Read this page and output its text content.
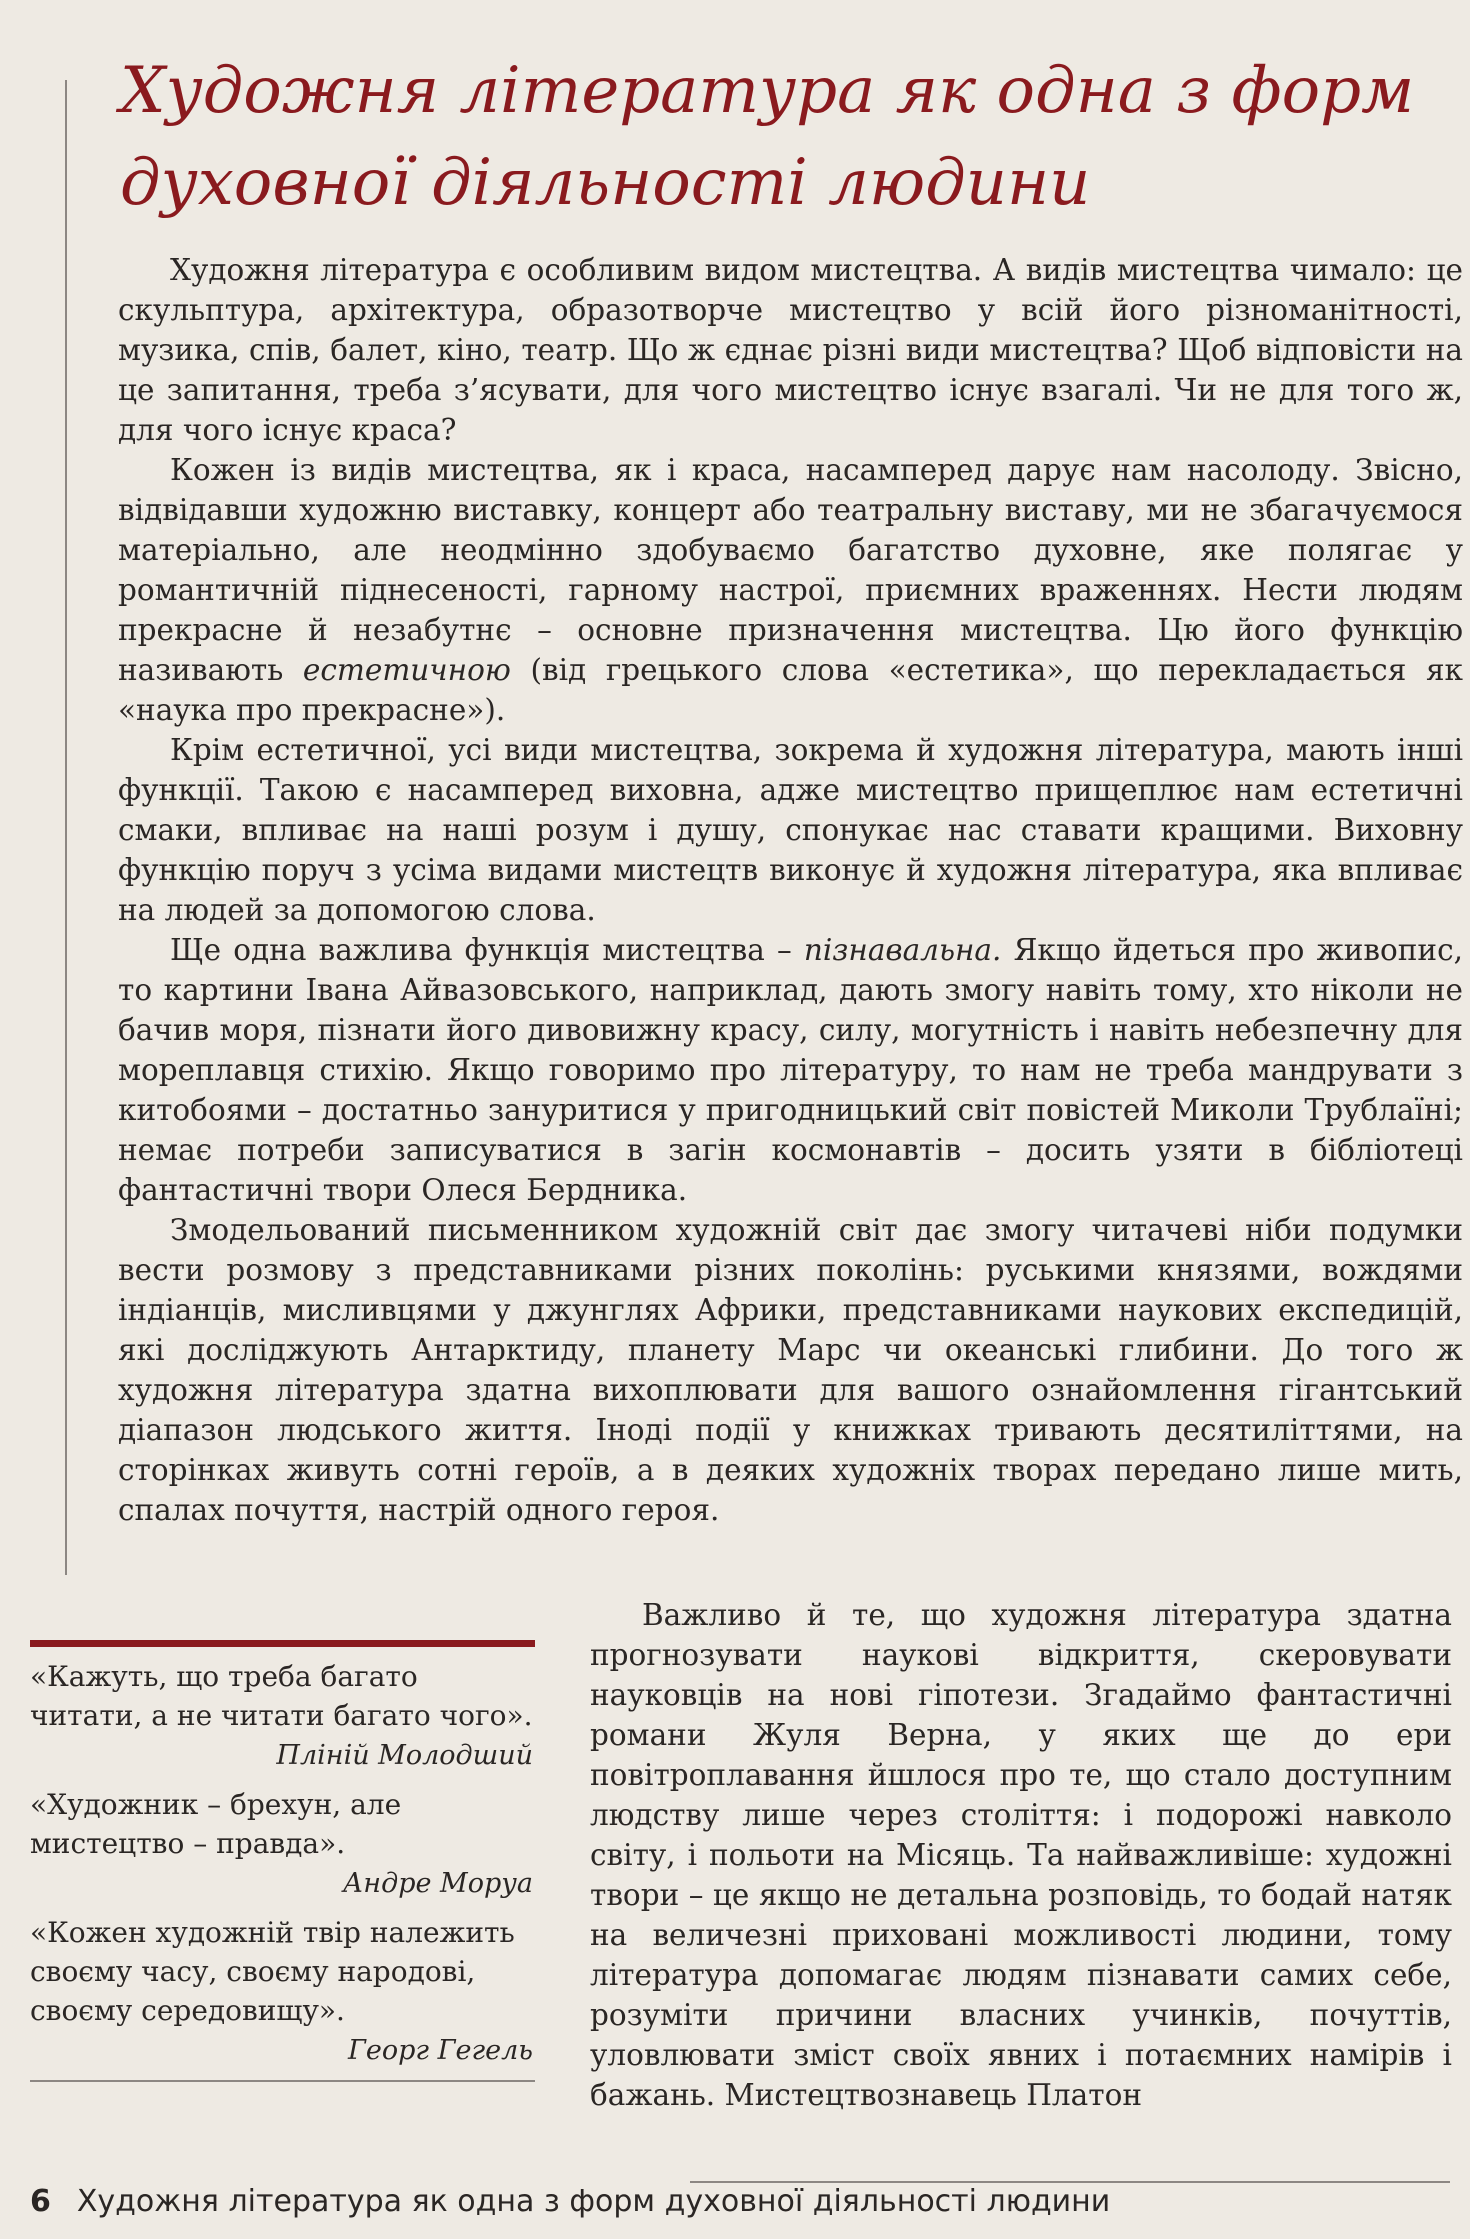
Художня література як одна з форм
духовної діяльності людини

Художня література є особливим видом мистецтва. А видів мистецтва чимало: це скульптура, архітектура, образотворче мистецтво у всій його різноманітності, музика, спів, балет, кіно, театр. Що ж єднає різні види мистецтва? Щоб відповісти на це запитання, треба з’ясувати, для чого мистецтво існує взагалі. Чи не для того ж, для чого існує краса?

Кожен із видів мистецтва, як і краса, насамперед дарує нам насолоду. Звісно, відвідавши художню виставку, концерт або театральну виставу, ми не збагачуємося матеріально, але неодмінно здобуваємо багатство духовне, яке полягає у романтичній піднесеності, гарному настрої, приємних враженнях. Нести людям прекрасне й незабутнє – основне призначення мистецтва. Цю його функцію називають естетичною (від грецького слова «естетика», що перекладається як «наука про прекрасне»).

Крім естетичної, усі види мистецтва, зокрема й художня література, мають інші функції. Такою є насамперед виховна, адже мистецтво прищеплює нам естетичні смаки, впливає на наші розум і душу, спонукає нас ставати кращими. Виховну функцію поруч з усіма видами мистецтв виконує й художня література, яка впливає на людей за допомогою слова.

Ще одна важлива функція мистецтва – пізнавальна. Якщо йдеться про живопис, то картини Івана Айвазовського, наприклад, дають змогу навіть тому, хто ніколи не бачив моря, пізнати його дивовижну красу, силу, могутність і навіть небезпечну для мореплавця стихію. Якщо говоримо про літературу, то нам не треба мандрувати з китобоями – достатньо зануритися у пригодницький світ повістей Миколи Трублаїні; немає потреби записуватися в загін космонавтів – досить узяти в бібліотеці фантастичні твори Олеся Бердника.

Змодельований письменником художній світ дає змогу читачеві ніби подумки вести розмову з представниками різних поколінь: руськими князями, вождями індіанців, мисливцями у джунглях Африки, представниками наукових експедицій, які досліджують Антарктиду, планету Марс чи океанські глибини. До того ж художня література здатна вихоплювати для вашого ознайомлення гігантський діапазон людського життя. Іноді події у книжках тривають десятиліттями, на сторінках живуть сотні героїв, а в деяких художніх творах передано лише мить, спалах почуття, настрій одного героя.

«Кажуть, що треба багато читати, а не читати багато чого».

Пліній Молодший

«Художник – брехун, але мистецтво – правда».

Андре Моруа

«Кожен художній твір належить своєму часу, своєму народові, своєму середовищу».

Георг Гегель

Важливо й те, що художня література здатна прогнозувати наукові відкриття, скеровувати науковців на нові гіпотези. Згадаймо фантастичні романи Жуля Верна, у яких ще до ери повітроплавання йшлося про те, що стало доступним людству лише через століття: і подорожі навколо світу, і польоти на Місяць. Та найважливіше: художні твори – це якщо не детальна розповідь, то бодай натяк на величезні приховані можливості людини, тому література допомагає людям пізнавати самих себе, розуміти причини власних учинків, почуттів, уловлювати зміст своїх явних і потаємних намірів і бажань. Мистецтвознавець Платон

6 Художня література як одна з форм духовної діяльності людини
